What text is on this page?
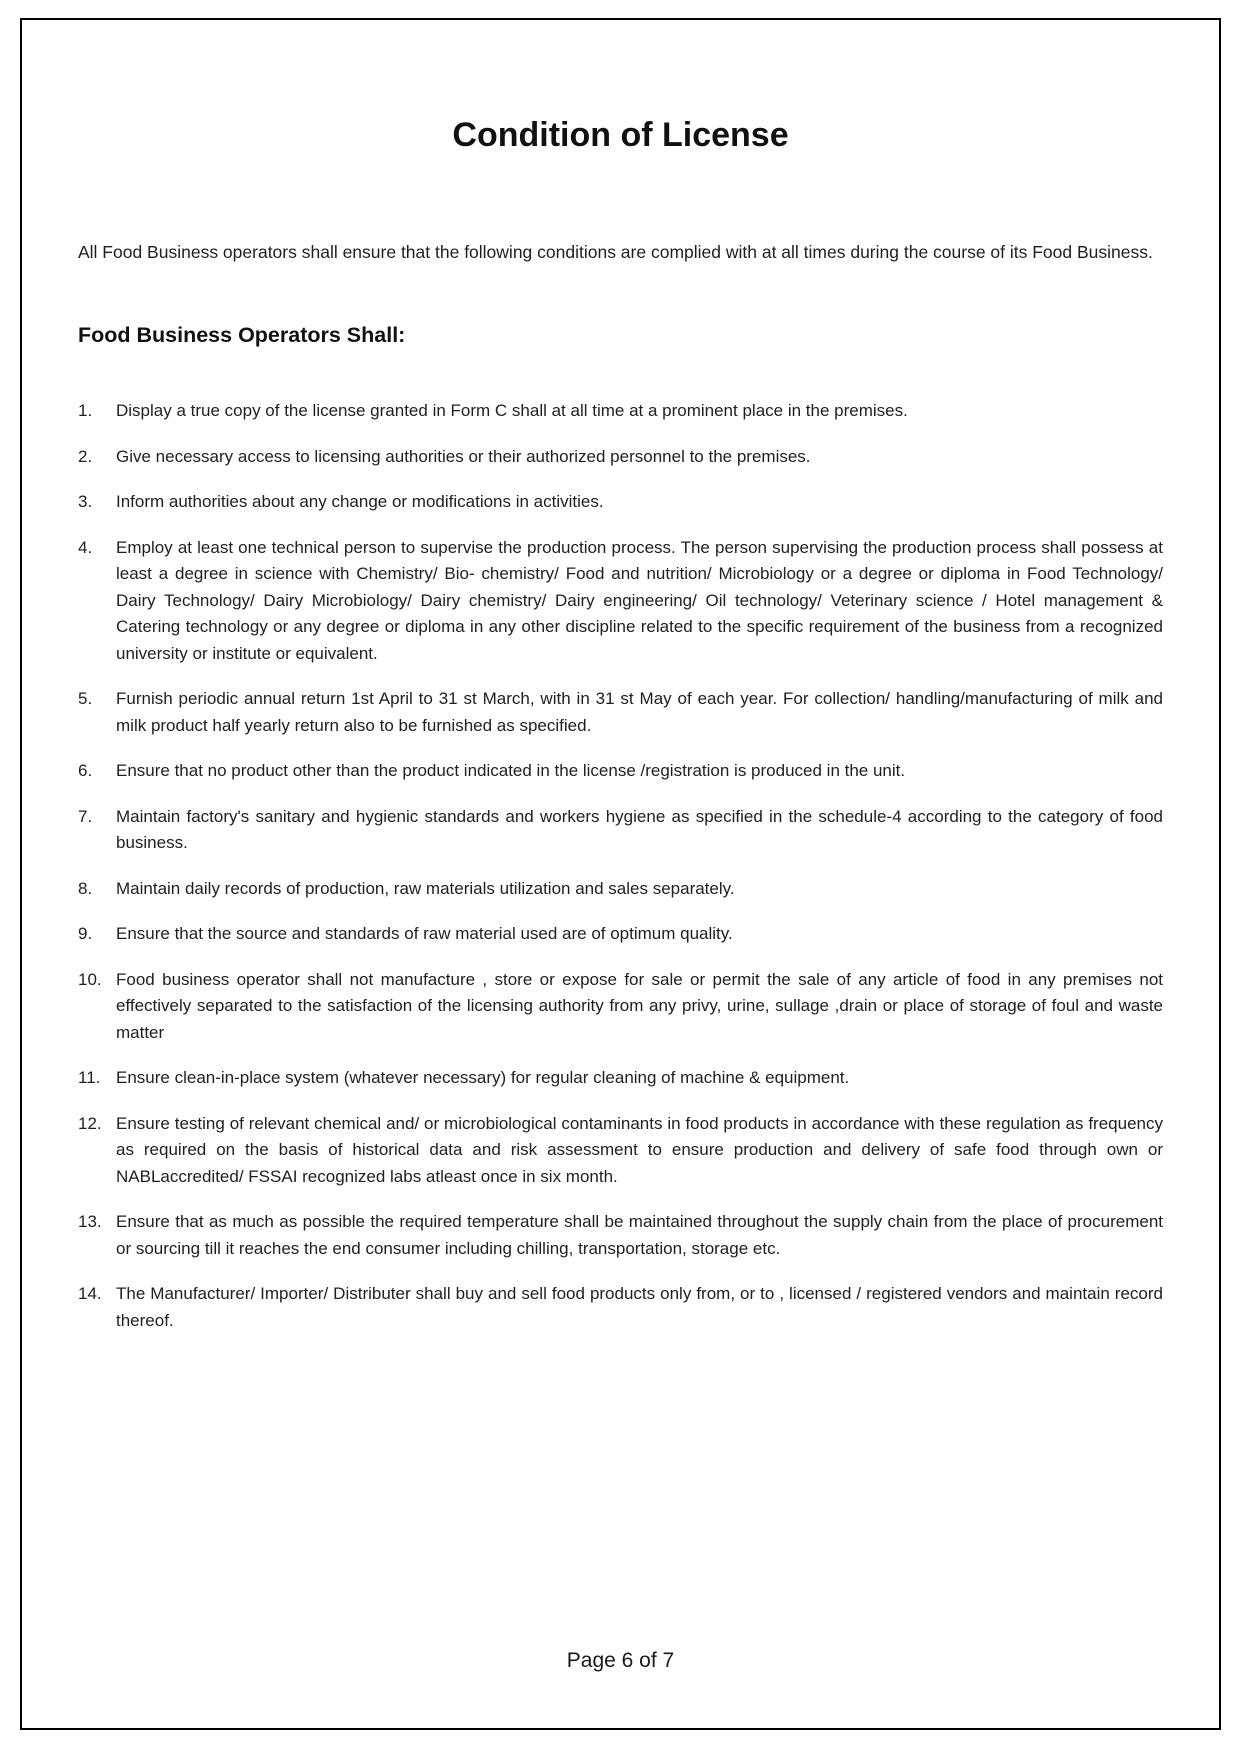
Condition of License

All Food Business operators shall ensure that the following conditions are complied with at all times during the course of its Food Business.

Food Business Operators Shall:
1.	Display a true copy of the license granted in Form C shall at all time at a prominent place in the premises.
2.	Give necessary access to licensing authorities or their authorized personnel to the premises.
3.	Inform authorities about any change or modifications in activities.
4.	Employ at least one technical person to supervise the production process. The person supervising the production process shall possess at least a degree in science with Chemistry/ Bio- chemistry/ Food and nutrition/ Microbiology or a degree or diploma in Food Technology/ Dairy Technology/ Dairy Microbiology/ Dairy chemistry/ Dairy engineering/ Oil technology/ Veterinary science / Hotel management & Catering technology or any degree or diploma in any other discipline related to the specific requirement of the business from a recognized university or institute or equivalent.
5.	Furnish periodic annual return 1st April to 31 st March, with in 31 st May of each year. For collection/ handling/manufacturing of milk and milk product half yearly return also to be furnished as specified.
6.	Ensure that no product other than the product indicated in the license /registration is produced in the unit.
7.	Maintain factory's sanitary and hygienic standards and workers hygiene as specified in the schedule-4 according to the category of food business.
8.	Maintain daily records of production, raw materials utilization and sales separately.
9.	Ensure that the source and standards of raw material used are of optimum quality.
10. Food business operator shall not manufacture , store or expose for sale or permit the sale of any article of food in any premises not effectively separated to the satisfaction of the licensing authority from any privy, urine, sullage ,drain or place of storage of foul and waste matter
11. Ensure clean-in-place system (whatever necessary) for regular cleaning of machine & equipment.
12. Ensure testing of relevant chemical and/ or microbiological contaminants in food products in accordance with these regulation as frequency as required on the basis of historical data and risk assessment to ensure production and delivery of safe food through own or NABLaccredited/ FSSAI recognized labs atleast once in six month.
13. Ensure that as much as possible the required temperature shall be maintained throughout the supply chain from the place of procurement or sourcing till it reaches the end consumer including chilling, transportation, storage etc.
14. The Manufacturer/ Importer/ Distributer shall buy and sell food products only from, or to , licensed / registered vendors and maintain record thereof.
Page 6 of 7
